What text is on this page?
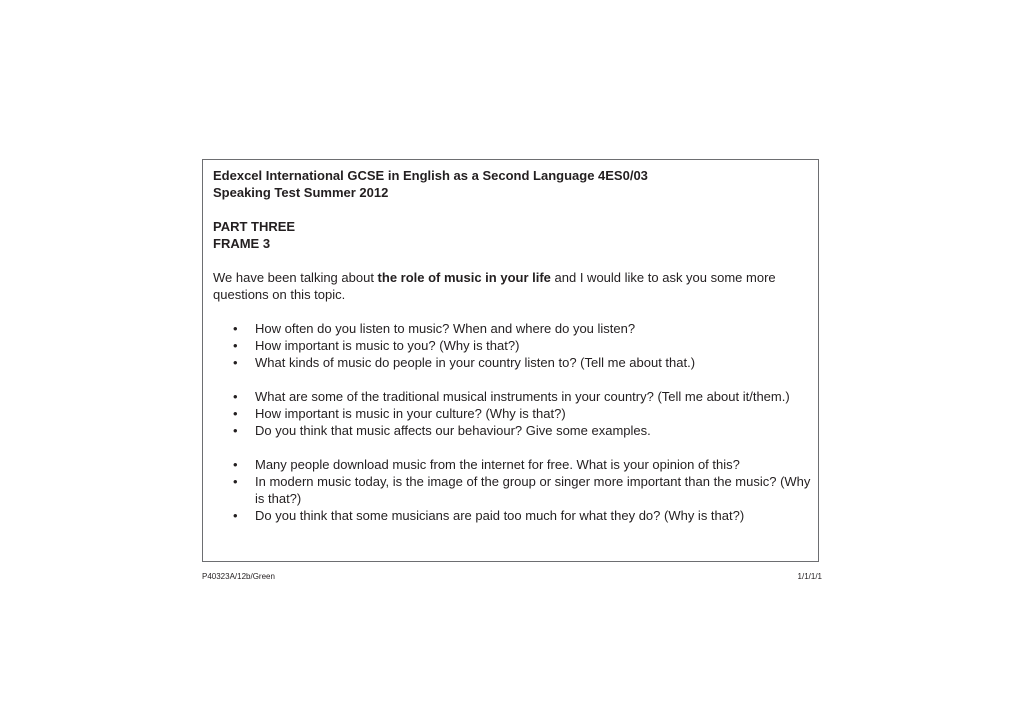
Edexcel International GCSE in English as a Second Language 4ES0/03

Speaking Test Summer 2012

PART THREE

FRAME 3

We have been talking about the role of music in your life and I would like to ask you some more questions on this topic.

• How often do you listen to music? When and where do you listen?
• How important is music to you? (Why is that?)
• What kinds of music do people in your country listen to? (Tell me about that.)
• What are some of the traditional musical instruments in your country? (Tell me about it/them.)
• How important is music in your culture? (Why is that?)
• Do you think that music affects our behaviour? Give some examples.
• Many people download music from the internet for free. What is your opinion of this?
• In modern music today, is the image of the group or singer more important than the music? (Why is that?)
• Do you think that some musicians are paid too much for what they do? (Why is that?)
P40323A/12b/Green	1/1/1/1
